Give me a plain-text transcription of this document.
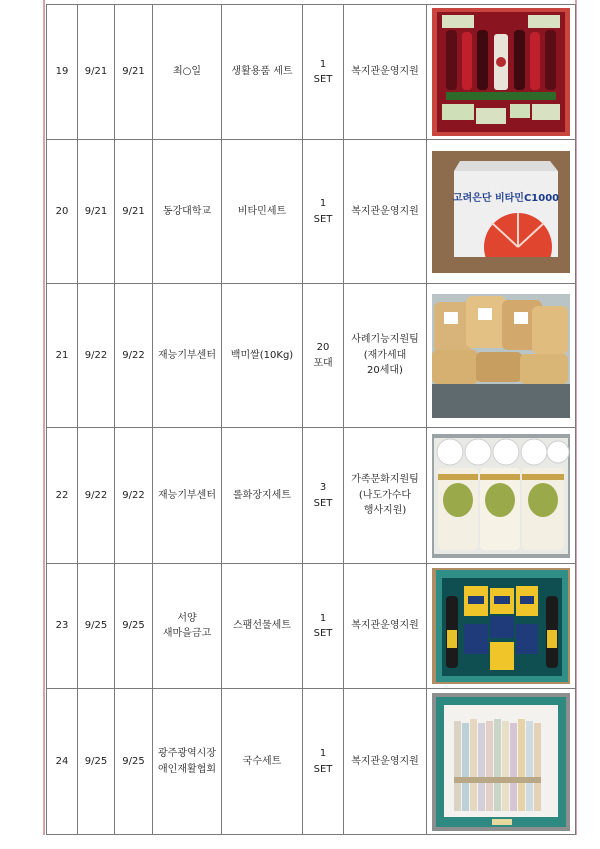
19	9/21	9/21	최○일	생활용품 세트	1
SET	복지관운영지원	

20	9/21	9/21	동강대학교	비타민세트	1
SET	복지관운영지원	고려은단 비타민C1000

21	9/22	9/22	재능기부센터	백미쌀(10Kg)	20
포대	사례기능지원팀
(재가세대
20세대)	

22	9/22	9/22	재능기부센터	롤화장지세트	3
SET	가족문화지원팀
(나도가수다
행사지원)	

23	9/25	9/25	서양
새마을금고	스팸선물세트	1
SET	복지관운영지원	

24	9/25	9/25	광주광역시장
애인재활협회	국수세트	1
SET	복지관운영지원	
